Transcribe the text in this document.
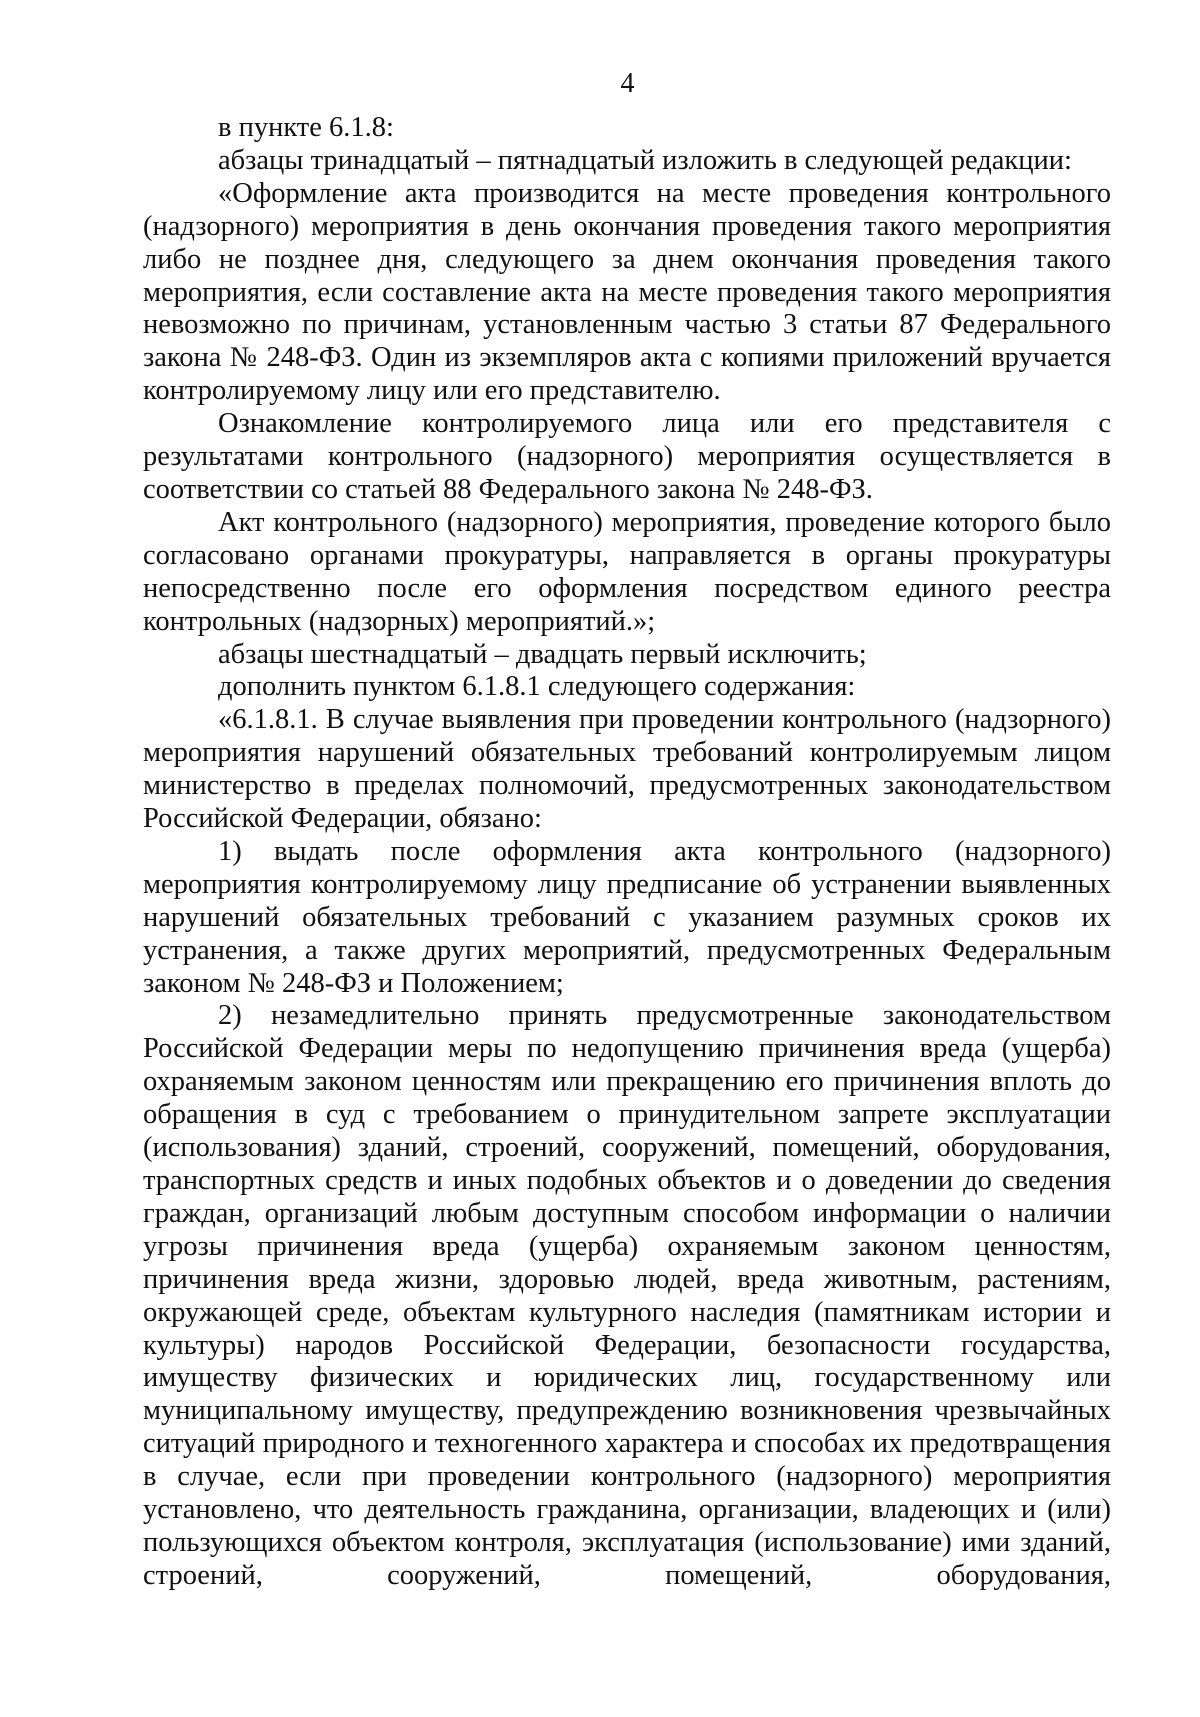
4

в пункте 6.1.8:

абзацы тринадцатый – пятнадцатый изложить в следующей редакции:

«Оформление акта производится на месте проведения контрольного (надзорного) мероприятия в день окончания проведения такого мероприятия либо не позднее дня, следующего за днем окончания проведения такого мероприятия, если составление акта на месте проведения такого мероприятия невозможно по причинам, установленным частью 3 статьи 87 Федерального закона № 248-ФЗ. Один из экземпляров акта с копиями приложений вручается контролируемому лицу или его представителю.

Ознакомление контролируемого лица или его представителя с результатами контрольного (надзорного) мероприятия осуществляется в соответствии со статьей 88 Федерального закона № 248-ФЗ.

Акт контрольного (надзорного) мероприятия, проведение которого было согласовано органами прокуратуры, направляется в органы прокуратуры непосредственно после его оформления посредством единого реестра контрольных (надзорных) мероприятий.»;

абзацы шестнадцатый – двадцать первый исключить;

дополнить пунктом 6.1.8.1 следующего содержания:

«6.1.8.1. В случае выявления при проведении контрольного (надзорного) мероприятия нарушений обязательных требований контролируемым лицом министерство в пределах полномочий, предусмотренных законодательством Российской Федерации, обязано:

1) выдать после оформления акта контрольного (надзорного) мероприятия контролируемому лицу предписание об устранении выявленных нарушений обязательных требований с указанием разумных сроков их устранения, а также других мероприятий, предусмотренных Федеральным законом № 248-ФЗ и Положением;

2) незамедлительно принять предусмотренные законодательством Российской Федерации меры по недопущению причинения вреда (ущерба) охраняемым законом ценностям или прекращению его причинения вплоть до обращения в суд с требованием о принудительном запрете эксплуатации (использования) зданий, строений, сооружений, помещений, оборудования, транспортных средств и иных подобных объектов и о доведении до сведения граждан, организаций любым доступным способом информации о наличии угрозы причинения вреда (ущерба) охраняемым законом ценностям, причинения вреда жизни, здоровью людей, вреда животным, растениям, окружающей среде, объектам культурного наследия (памятникам истории и культуры) народов Российской Федерации, безопасности государства, имуществу физических и юридических лиц, государственному или муниципальному имуществу, предупреждению возникновения чрезвычайных ситуаций природного и техногенного характера и способах их предотвращения в случае, если при проведении контрольного (надзорного) мероприятия установлено, что деятельность гражданина, организации, владеющих и (или) пользующихся объектом контроля, эксплуатация (использование) ими зданий, строений, сооружений, помещений, оборудования,
